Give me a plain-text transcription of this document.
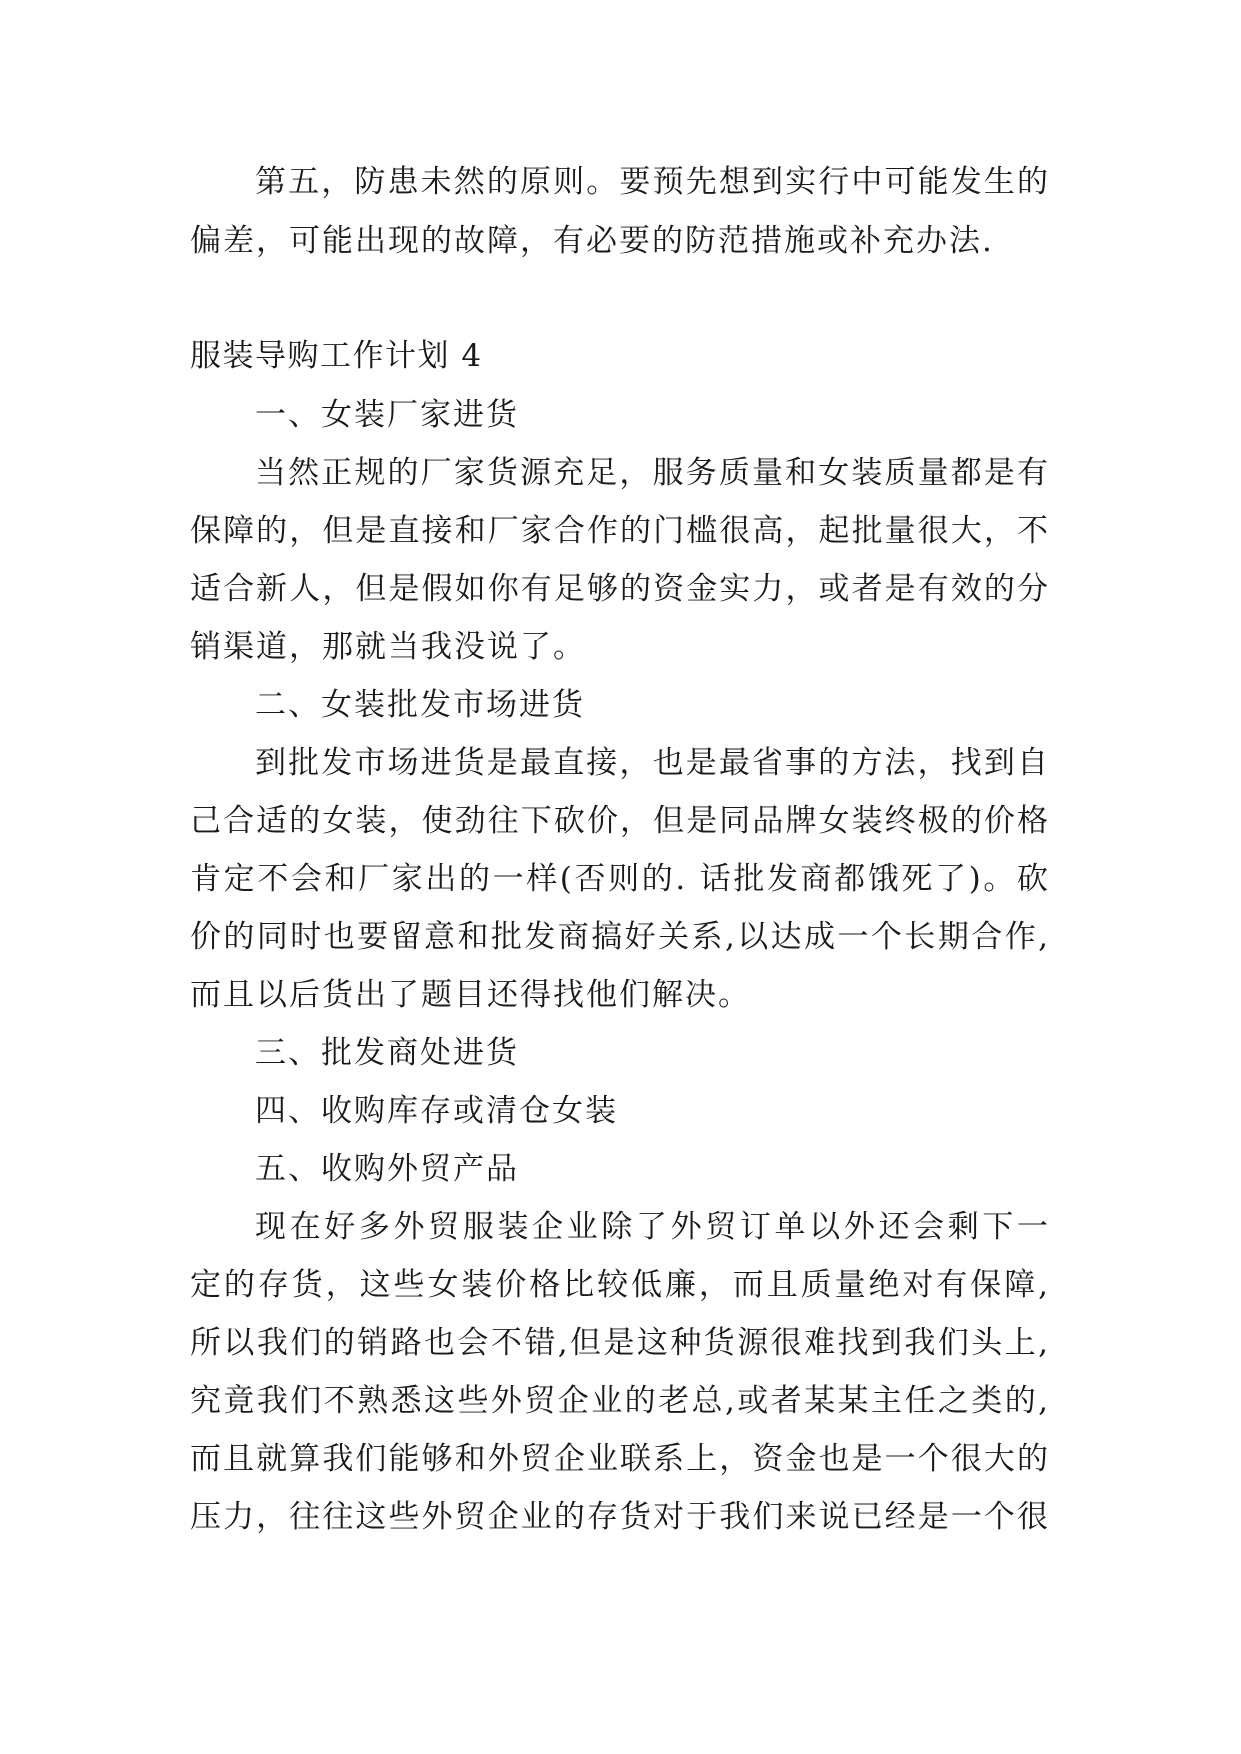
第五，防患未然的原则。要预先想到实行中可能发生的
偏差，可能出现的故障，有必要的防范措施或补充办法.
服装导购工作计划 4
一、女装厂家进货
当然正规的厂家货源充足，服务质量和女装质量都是有
保障的，但是直接和厂家合作的门槛很高，起批量很大，不
适合新人，但是假如你有足够的资金实力，或者是有效的分
销渠道，那就当我没说了。
二、女装批发市场进货
到批发市场进货是最直接，也是最省事的方法，找到自
己合适的女装，使劲往下砍价，但是同品牌女装终极的价格
肯定不会和厂家出的一样(否则的. 话批发商都饿死了)。砍
价的同时也要留意和批发商搞好关系,以达成一个长期合作,
而且以后货出了题目还得找他们解决。
三、批发商处进货
四、收购库存或清仓女装
五、收购外贸产品
现在好多外贸服装企业除了外贸订单以外还会剩下一
定的存货，这些女装价格比较低廉，而且质量绝对有保障,
所以我们的销路也会不错,但是这种货源很难找到我们头上,
究竟我们不熟悉这些外贸企业的老总,或者某某主任之类的,
而且就算我们能够和外贸企业联系上，资金也是一个很大的
压力，往往这些外贸企业的存货对于我们来说已经是一个很
